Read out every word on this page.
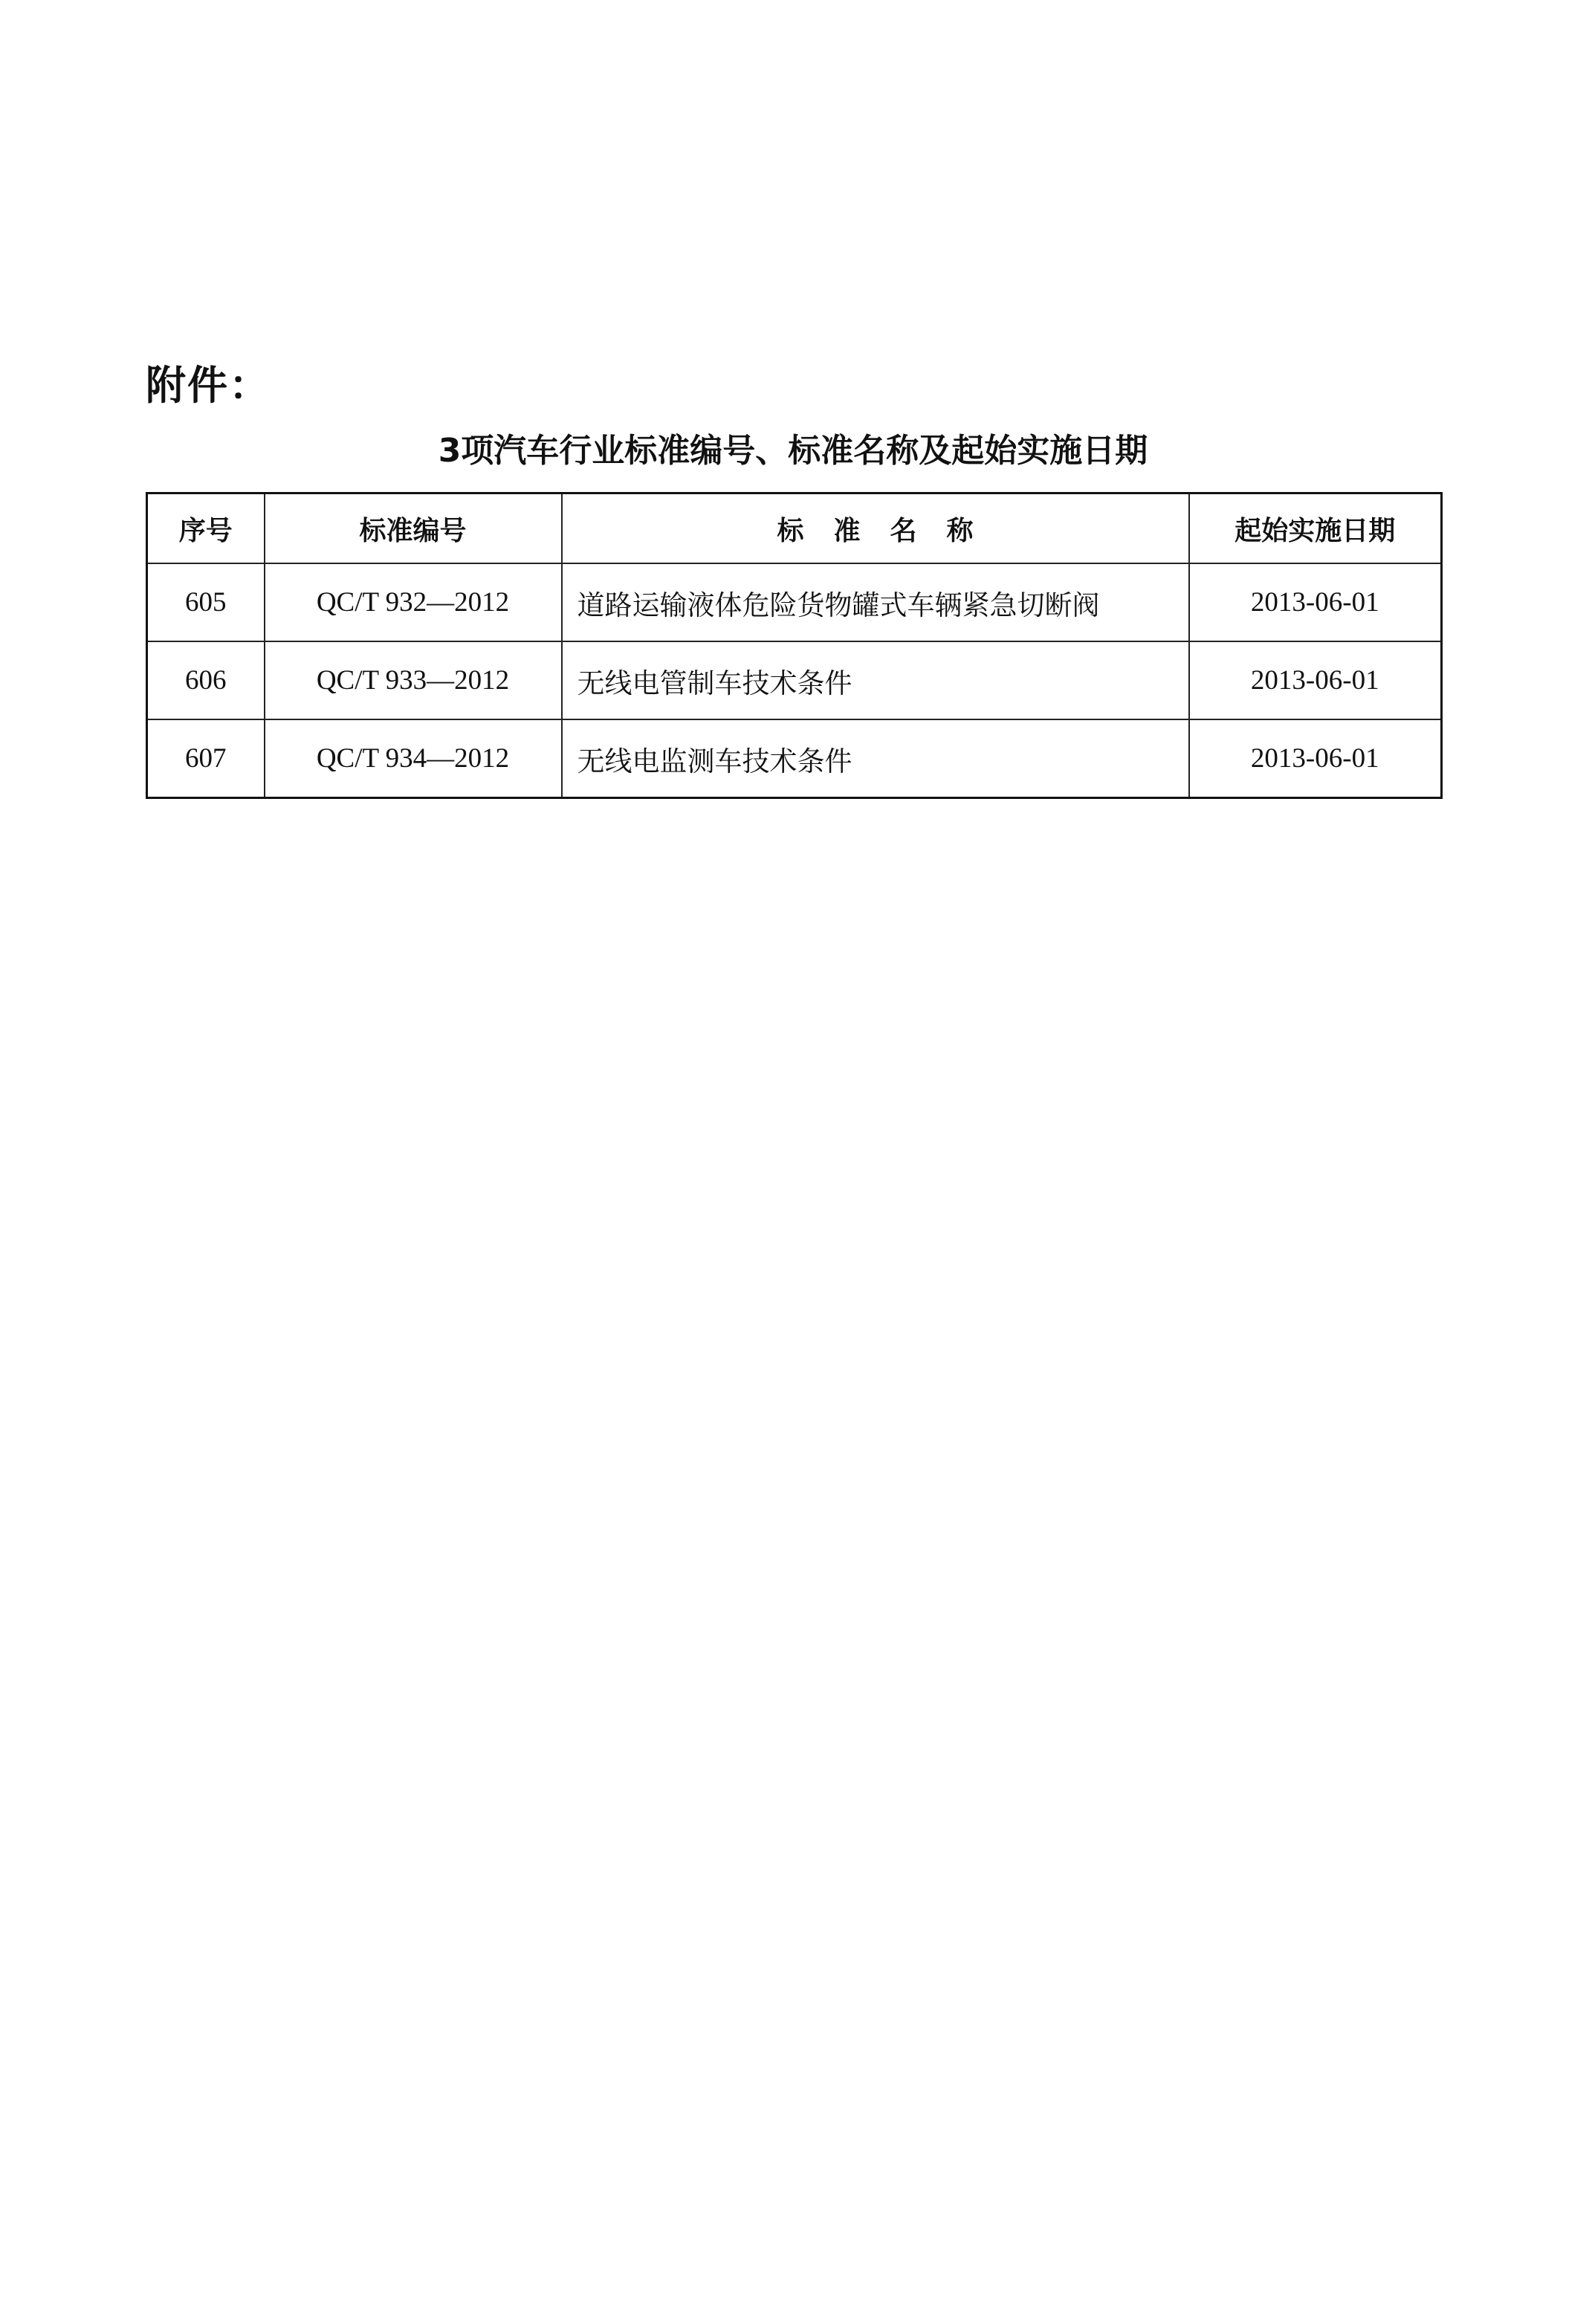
附件：
3项汽车行业标准编号、标准名称及起始实施日期
序号	标准编号	标准名称	起始实施日期
605	QC/T 932—2012	道路运输液体危险货物罐式车辆紧急切断阀	2013-06-01
606	QC/T 933—2012	无线电管制车技术条件	2013-06-01
607	QC/T 934—2012	无线电监测车技术条件	2013-06-01
